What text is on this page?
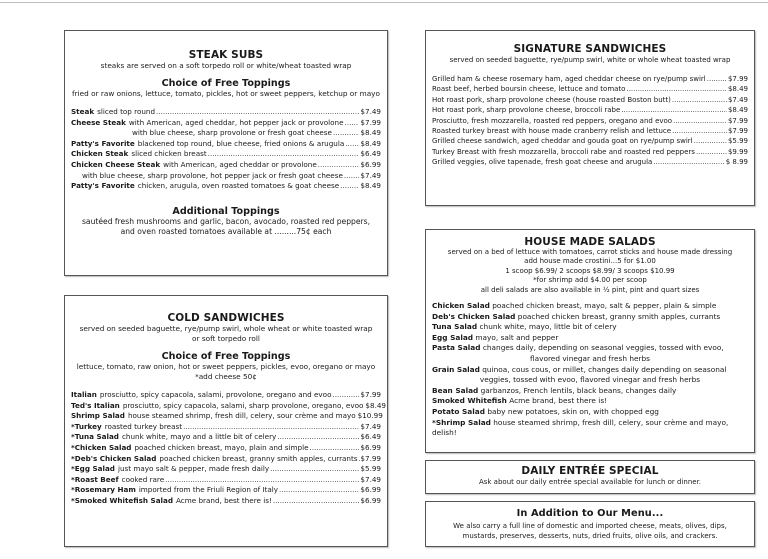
STEAK SUBS
steaks are served on a soft torpedo roll or white/wheat toasted wrap
Choice of Free Toppings
fried or raw onions, lettuce, tomato, pickles, hot or sweet peppers, ketchup or mayo
Steak sliced top round .....	$7.49
Cheese Steak with American, aged cheddar, hot pepper jack or provolone ..... $7.99
with blue cheese, sharp provolone or fresh goat cheese .....	$8.49
Patty's Favorite blackened top round, blue cheese, fried onions & arugula ..... $8.49
Chicken Steak sliced chicken breast .....	$6.49
Chicken Cheese Steak with American, aged cheddar or provolone .....	$6.99
with blue cheese, sharp provolone, hot pepper jack or fresh goat cheese ..... $7.49
Patty's Favorite chicken, arugula, oven roasted tomatoes & goat cheese .....	$8.49
Additional Toppings
sautéed fresh mushrooms and garlic, bacon, avocado, roasted red peppers,
and oven roasted tomatoes available at .........75¢ each
COLD SANDWICHES
served on seeded baguette, rye/pump swirl, whole wheat or white toasted wrap
or soft torpedo roll
Choice of Free Toppings
lettuce, tomato, raw onion, hot or sweet peppers, pickles, evoo, oregano or mayo
*add cheese 50¢
Italian prosciutto, spicy capacola, salami, provolone, oregano and evoo .....	$7.99
Ted's Italian prosciutto, spicy capacola, salami, sharp provolone, oregano, evoo $8.49
Shrimp Salad house steamed shrimp, fresh dill, celery, sour crème and mayo $10.99
*Turkey roasted turkey breast .....	$7.49
*Tuna Salad chunk white, mayo and a little bit of celery .....	$6.49
*Chicken Salad poached chicken breast, mayo, plain and simple .....	$6.99
*Deb's Chicken Salad poached chicken breast, granny smith apples, currants ..... $7.99
*Egg Salad just mayo salt & pepper, made fresh daily .....	$5.99
*Roast Beef cooked rare .....	$7.49
*Rosemary Ham imported from the Friuli Region of Italy .....	$6.99
*Smoked Whitefish Salad Acme brand, best there is! .....	$6.99
SIGNATURE SANDWICHES
served on seeded baguette, rye/pump swirl, white or whole wheat toasted wrap
Grilled ham & cheese rosemary ham, aged cheddar cheese on rye/pump swirl .....	$7.99
Roast beef, herbed boursin cheese, lettuce and tomato .....	$8.49
Hot roast pork, sharp provolone cheese (house roasted Boston butt) .....	$7.49
Hot roast pork, sharp provolone cheese, broccoli rabe .....	$8.49
Prosciutto, fresh mozzarella, roasted red peppers, oregano and evoo .....	$7.99
Roasted turkey breast with house made cranberry relish and lettuce .....	$7.99
Grilled cheese sandwich, aged cheddar and gouda goat on rye/pump swirl .....	$5.99
Turkey Breast with fresh mozzarella, broccoli rabe and roasted red peppers .....	$9.99
Grilled veggies, olive tapenade, fresh goat cheese and arugula .....	$ 8.99
HOUSE MADE SALADS
served on a bed of lettuce with tomatoes, carrot sticks and house made dressing
add house made crostini...5 for $1.00
1 scoop $6.99/ 2 scoops $8.99/ 3 scoops $10.99
*for shrimp add $4.00 per scoop
all deli salads are also available in ½ pint, pint and quart sizes
Chicken Salad poached chicken breast, mayo, salt & pepper, plain & simple
Deb's Chicken Salad poached chicken breast, granny smith apples, currants
Tuna Salad chunk white, mayo, little bit of celery
Egg Salad mayo, salt and pepper
Pasta Salad changes daily, depending on seasonal veggies, tossed with evoo,
flavored vinegar and fresh herbs
Grain Salad quinoa, cous cous, or millet, changes daily depending on seasonal
veggies, tossed with evoo, flavored vinegar and fresh herbs
Bean Salad garbanzos, French lentils, black beans, changes daily
Smoked Whitefish Acme brand, best there is!
Potato Salad baby new potatoes, skin on, with chopped egg
*Shrimp Salad house steamed shrimp, fresh dill, celery, sour crème and mayo,
delish!
DAILY ENTRÉE SPECIAL
Ask about our daily entrée special available for lunch or dinner.
In Addition to Our Menu...
We also carry a full line of domestic and imported cheese, meats, olives, dips,
mustards, preserves, desserts, nuts, dried fruits, olive oils, and crackers.
